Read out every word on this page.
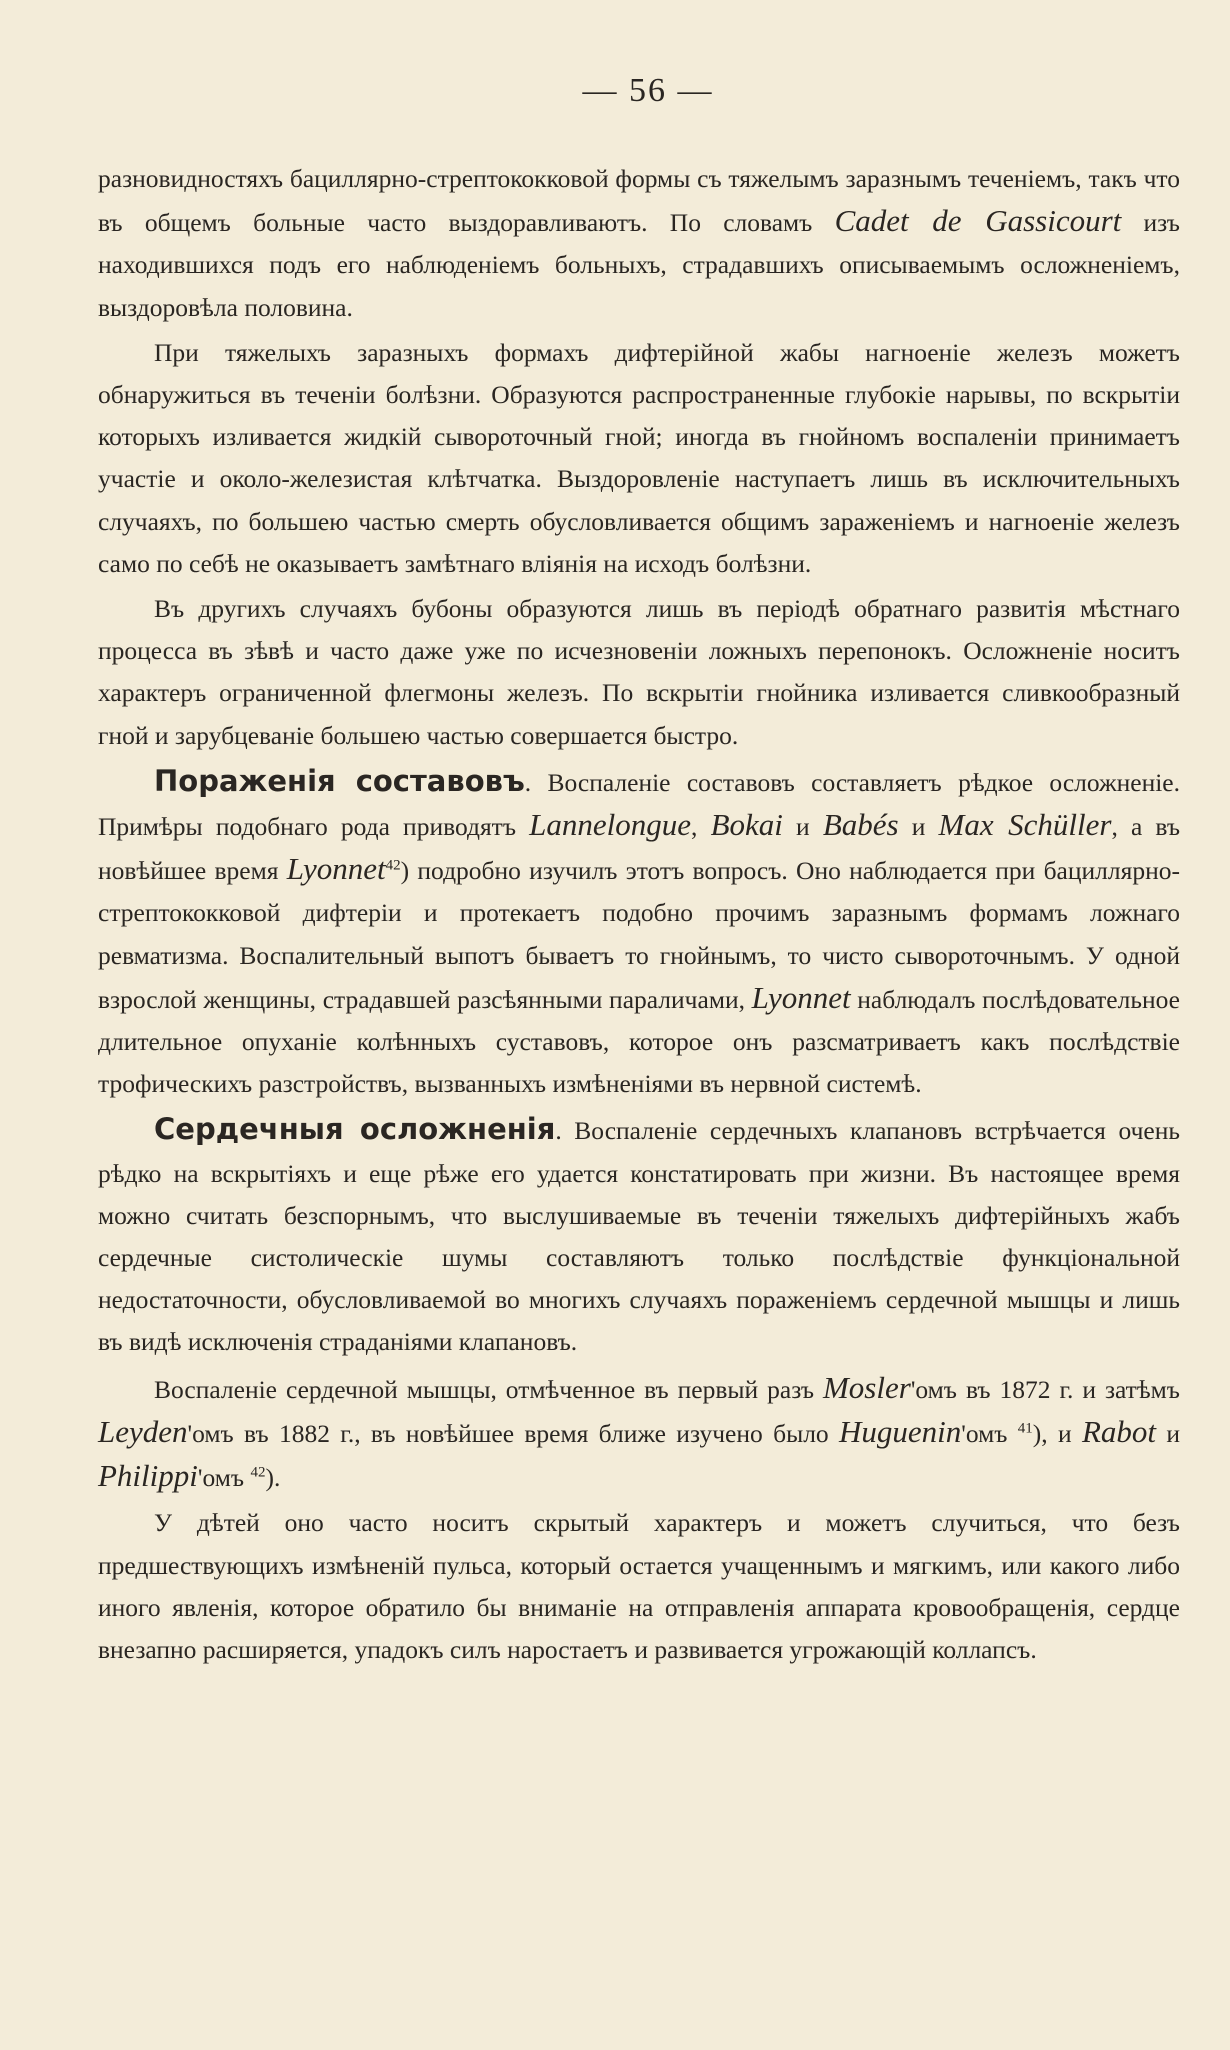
— 56 —

разновидностяхъ бациллярно-стрептококковой формы съ тяжелымъ заразнымъ теченіемъ, такъ что въ общемъ больные часто выздоравливаютъ. По словамъ Cadet de Gassicourt изъ находившихся подъ его наблюденіемъ больныхъ, страдавшихъ описываемымъ осложненіемъ, выздоровѣла половина.

При тяжелыхъ заразныхъ формахъ дифтерійной жабы нагноеніе железъ можетъ обнаружиться въ теченіи болѣзни. Образуются распространенные глубокіе нарывы, по вскрытіи которыхъ изливается жидкій сывороточный гной; иногда въ гнойномъ воспаленіи принимаетъ участіе и около-железистая клѣтчатка. Выздоровленіе наступаетъ лишь въ исключительныхъ случаяхъ, по большею частью смерть обусловливается общимъ зараженіемъ и нагноеніе железъ само по себѣ не оказываетъ замѣтнаго вліянія на исходъ болѣзни.

Въ другихъ случаяхъ бубоны образуются лишь въ періодѣ обратнаго развитія мѣстнаго процесса въ зѣвѣ и часто даже уже по исчезновеніи ложныхъ перепонокъ. Осложненіе носитъ характеръ ограниченной флегмоны железъ. По вскрытіи гнойника изливается сливкообразный гной и зарубцеваніе большею частью совершается быстро.

Пораженія составовъ. Воспаленіе составовъ составляетъ рѣдкое осложненіе. Примѣры подобнаго рода приводятъ Lannelongue, Bokai и Babés и Max Schüller, а въ новѣйшее время Lyonnet$^{42}$) подробно изучилъ этотъ вопросъ. Оно наблюдается при бациллярно-стрептококковой дифтеріи и протекаетъ подобно прочимъ заразнымъ формамъ ложнаго ревматизма. Воспалительный выпотъ бываетъ то гнойнымъ, то чисто сывороточнымъ. У одной взрослой женщины, страдавшей разсѣянными параличами, Lyonnet наблюдалъ послѣдовательное длительное опуханіе колѣнныхъ суставовъ, которое онъ разсматриваетъ какъ послѣдствіе трофическихъ разстройствъ, вызванныхъ измѣненіями въ нервной системѣ.

Сердечныя осложненія. Воспаленіе сердечныхъ клапановъ встрѣчается очень рѣдко на вскрытіяхъ и еще рѣже его удается констатировать при жизни. Въ настоящее время можно считать безспорнымъ, что выслушиваемые въ теченіи тяжелыхъ дифтерійныхъ жабъ сердечные систолическіе шумы составляютъ только послѣдствіе функціональной недостаточности, обусловливаемой во многихъ случаяхъ пораженіемъ сердечной мышцы и лишь въ видѣ исключенія страданіями клапановъ.

Воспаленіе сердечной мышцы, отмѣченное въ первый разъ Mosler'омъ въ 1872 г. и затѣмъ Leyden'омъ въ 1882 г., въ новѣйшее время ближе изучено было Huguenin'омъ $^{41}$), и Rabot и Philippi'омъ $^{42}$).

У дѣтей оно часто носитъ скрытый характеръ и можетъ случиться, что безъ предшествующихъ измѣненій пульса, который остается учащеннымъ и мягкимъ, или какого либо иного явленія, которое обратило бы вниманіе на отправленія аппарата кровообращенія, сердце внезапно расширяется, упадокъ силъ наростаетъ и развивается угрожающій коллапсъ.
